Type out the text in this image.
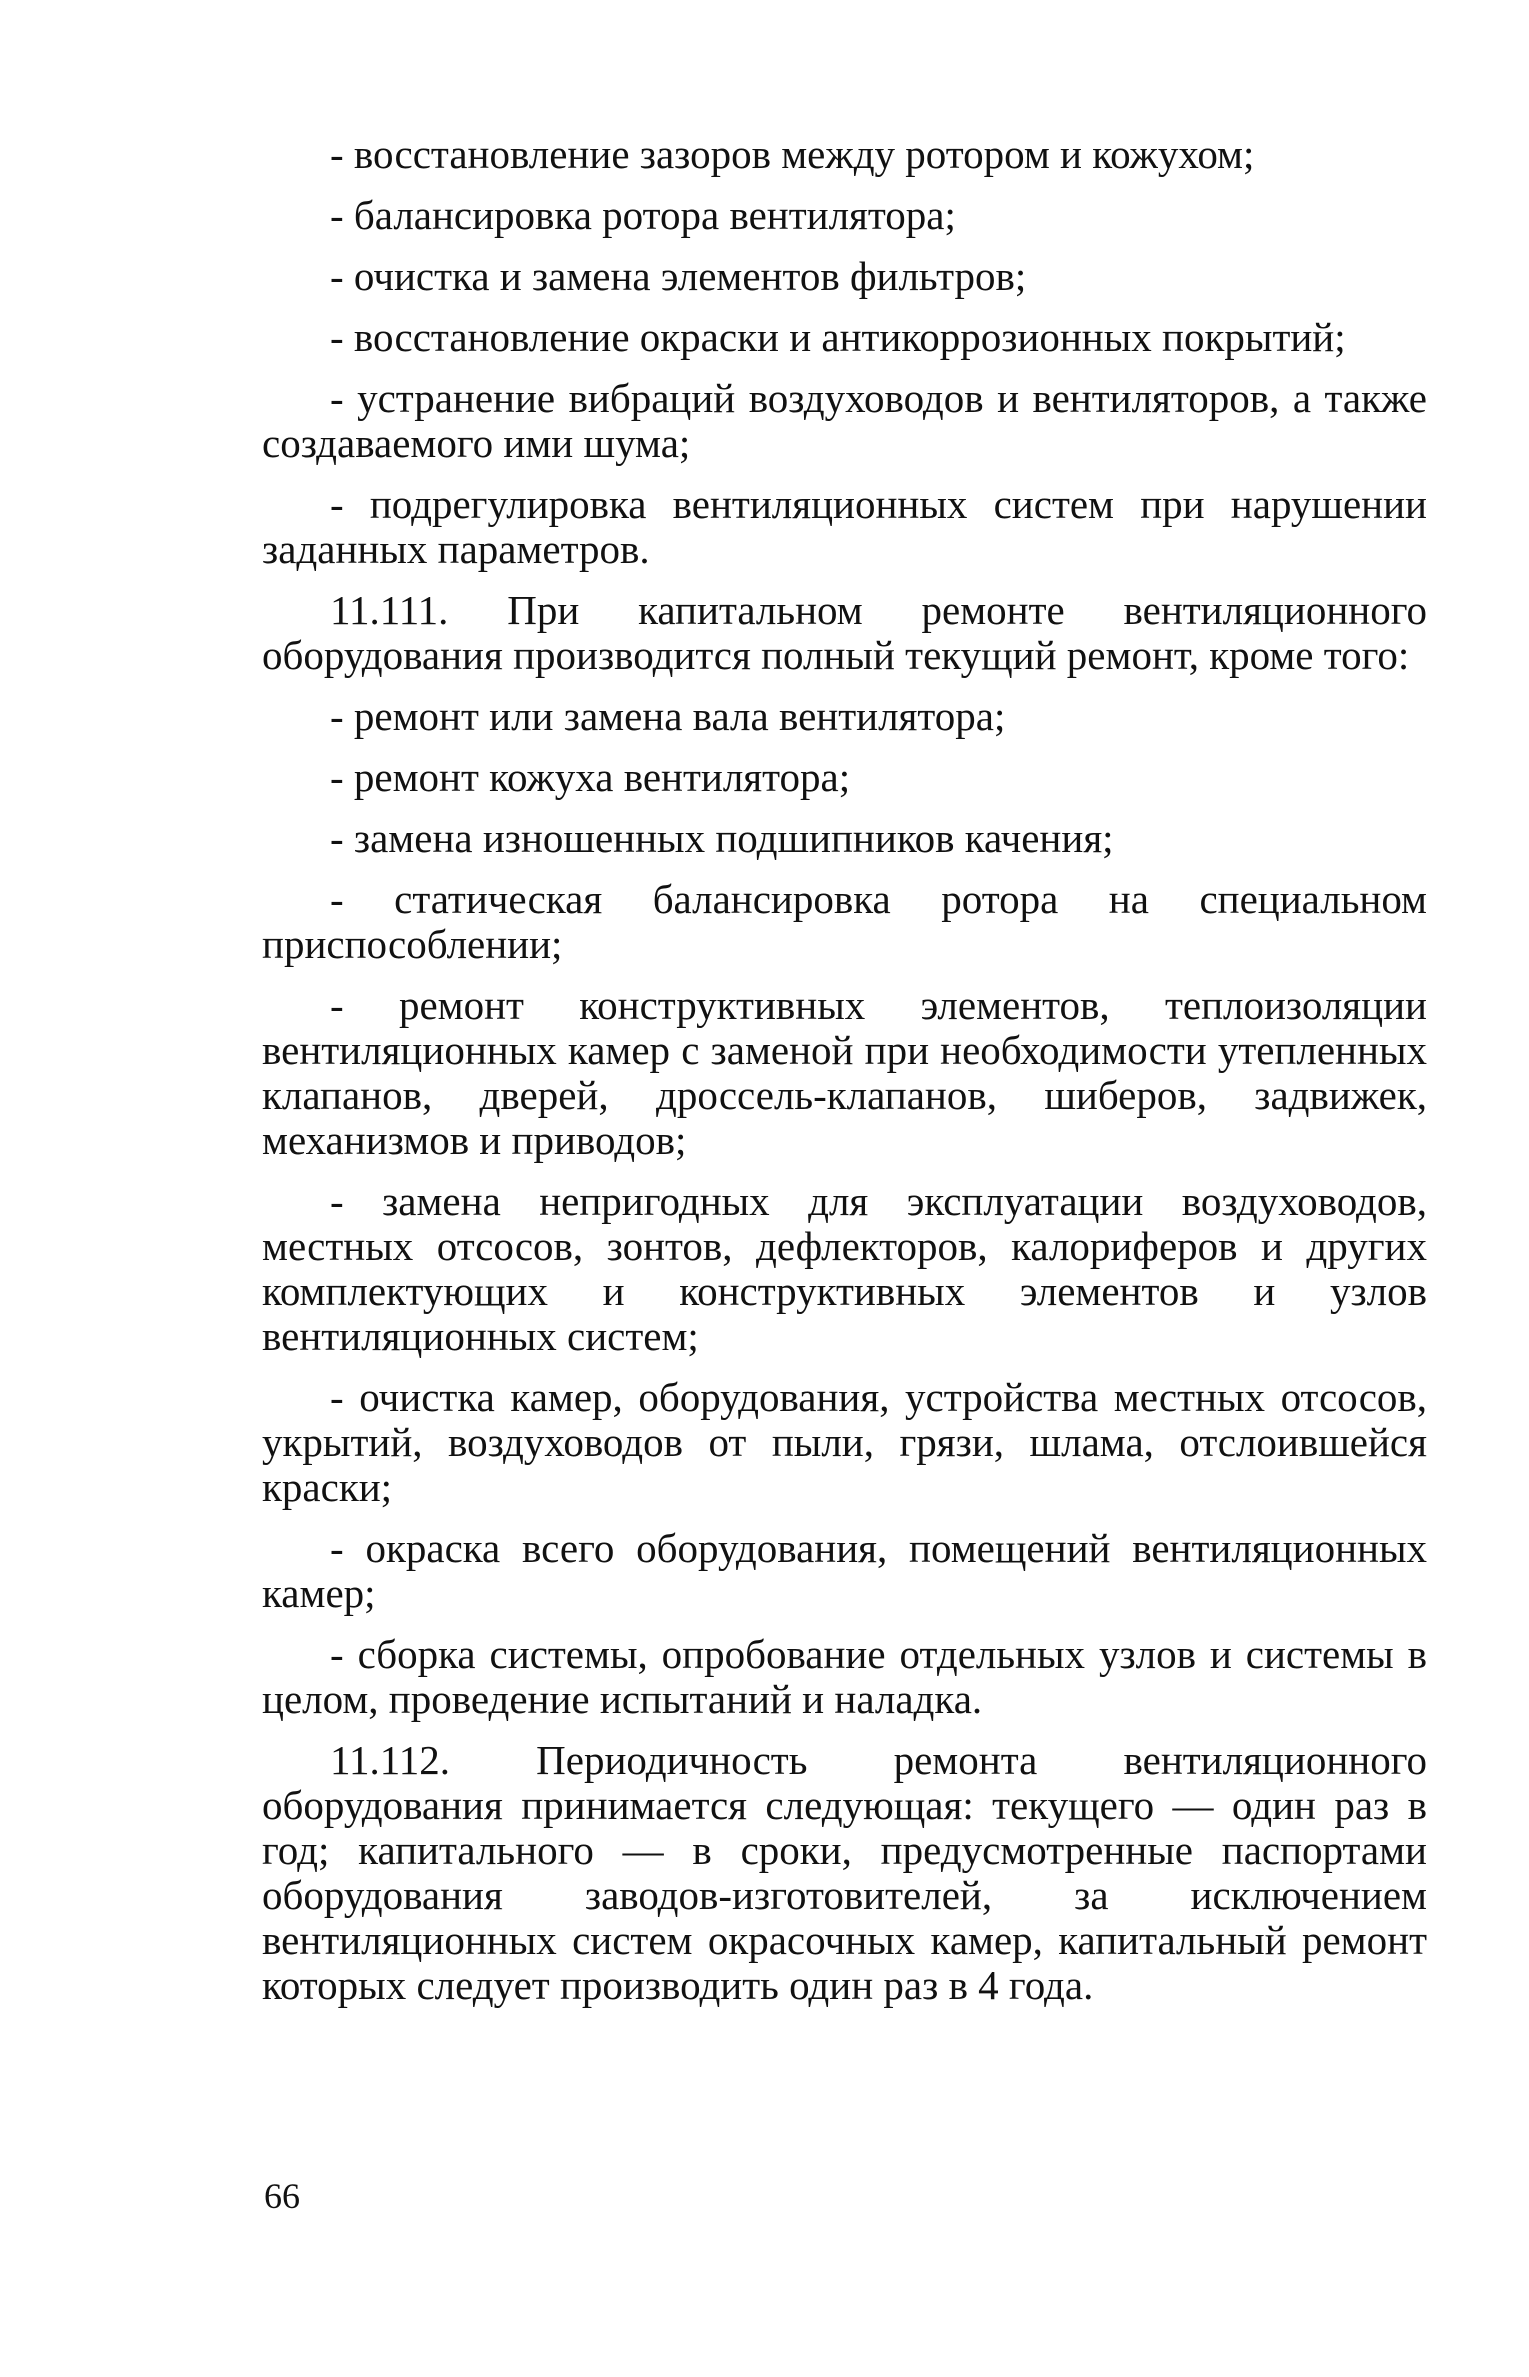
- восстановление зазоров между ротором и кожухом;

- балансировка ротора вентилятора;

- очистка и замена элементов фильтров;

- восстановление окраски и антикоррозионных покрытий;

- устранение вибраций воздуховодов и вентиляторов, а также создаваемого ими шума;

- подрегулировка вентиляционных систем при нарушении заданных параметров.

11.111. При капитальном ремонте вентиляционного оборудования производится полный текущий ремонт, кроме того:

- ремонт или замена вала вентилятора;

- ремонт кожуха вентилятора;

- замена изношенных подшипников качения;

- статическая балансировка ротора на специальном приспособлении;

- ремонт конструктивных элементов, теплоизоляции вентиляционных камер с заменой при необходимости утепленных клапанов, дверей, дроссель-клапанов, шиберов, задвижек, механизмов и приводов;

- замена непригодных для эксплуатации воздуховодов, местных отсосов, зонтов, дефлекторов, калориферов и других комплектующих и конструктивных элементов и узлов вентиляционных систем;

- очистка камер, оборудования, устройства местных отсосов, укрытий, воздуховодов от пыли, грязи, шлама, отслоившейся краски;

- окраска всего оборудования, помещений вентиляционных камер;

- сборка системы, опробование отдельных узлов и системы в целом, проведение испытаний и наладка.

11.112. Периодичность ремонта вентиляционного оборудования принимается следующая: текущего — один раз в год; капитального — в сроки, предусмотренные паспортами оборудования заводов-изготовителей, за исключением вентиляционных систем окрасочных камер, капитальный ремонт которых следует производить один раз в 4 года.

66
